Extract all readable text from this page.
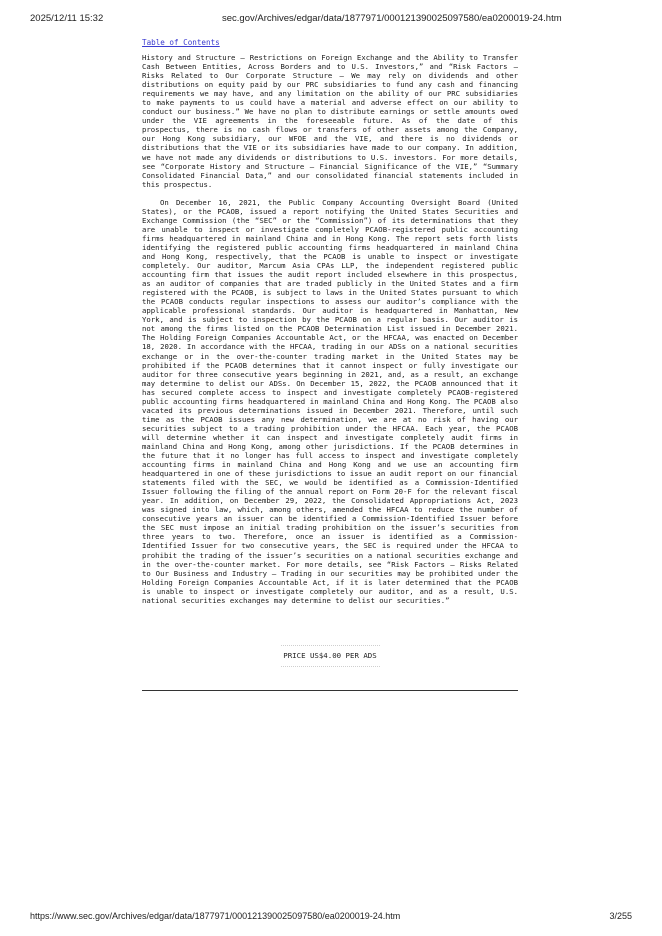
2025/12/11 15:32	sec.gov/Archives/edgar/data/1877971/000121390025097580/ea0200019-24.htm
Table of Contents

History and Structure — Restrictions on Foreign Exchange and the Ability to Transfer Cash Between Entities, Across Borders and to U.S. Investors,” and “Risk Factors — Risks Related to Our Corporate Structure — We may rely on dividends and other distributions on equity paid by our PRC subsidiaries to fund any cash and financing requirements we may have, and any limitation on the ability of our PRC subsidiaries to make payments to us could have a material and adverse effect on our ability to conduct our business.” We have no plan to distribute earnings or settle amounts owed under the VIE agreements in the foreseeable future. As of the date of this prospectus, there is no cash flows or transfers of other assets among the Company, our Hong Kong subsidiary, our WFOE and the VIE, and there is no dividends or distributions that the VIE or its subsidiaries have made to our company. In addition, we have not made any dividends or distributions to U.S. investors. For more details, see “Corporate History and Structure — Financial Significance of the VIE,” “Summary Consolidated Financial Data,” and our consolidated financial statements included in this prospectus.

On December 16, 2021, the Public Company Accounting Oversight Board (United States), or the PCAOB, issued a report notifying the United States Securities and Exchange Commission (the “SEC” or the “Commission”) of its determinations that they are unable to inspect or investigate completely PCAOB-registered public accounting firms headquartered in mainland China and in Hong Kong. The report sets forth lists identifying the registered public accounting firms headquartered in mainland China and Hong Kong, respectively, that the PCAOB is unable to inspect or investigate completely. Our auditor, Marcum Asia CPAs LLP, the independent registered public accounting firm that issues the audit report included elsewhere in this prospectus, as an auditor of companies that are traded publicly in the United States and a firm registered with the PCAOB, is subject to laws in the United States pursuant to which the PCAOB conducts regular inspections to assess our auditor’s compliance with the applicable professional standards. Our auditor is headquartered in Manhattan, New York, and is subject to inspection by the PCAOB on a regular basis. Our auditor is not among the firms listed on the PCAOB Determination List issued in December 2021. The Holding Foreign Companies Accountable Act, or the HFCAA, was enacted on December 18, 2020. In accordance with the HFCAA, trading in our ADSs on a national securities exchange or in the over-the-counter trading market in the United States may be prohibited if the PCAOB determines that it cannot inspect or fully investigate our auditor for three consecutive years beginning in 2021, and, as a result, an exchange may determine to delist our ADSs. On December 15, 2022, the PCAOB announced that it has secured complete access to inspect and investigate completely PCAOB-registered public accounting firms headquartered in mainland China and Hong Kong. The PCAOB also vacated its previous determinations issued in December 2021. Therefore, until such time as the PCAOB issues any new determination, we are at no risk of having our securities subject to a trading prohibition under the HFCAA. Each year, the PCAOB will determine whether it can inspect and investigate completely audit firms in mainland China and Hong Kong, among other jurisdictions. If the PCAOB determines in the future that it no longer has full access to inspect and investigate completely accounting firms in mainland China and Hong Kong and we use an accounting firm headquartered in one of these jurisdictions to issue an audit report on our financial statements filed with the SEC, we would be identified as a Commission-Identified Issuer following the filing of the annual report on Form 20-F for the relevant fiscal year. In addition, on December 29, 2022, the Consolidated Appropriations Act, 2023 was signed into law, which, among others, amended the HFCAA to reduce the number of consecutive years an issuer can be identified a Commission-Identified Issuer before the SEC must impose an initial trading prohibition on the issuer’s securities from three years to two. Therefore, once an issuer is identified as a Commission-Identified Issuer for two consecutive years, the SEC is required under the HFCAA to prohibit the trading of the issuer’s securities on a national securities exchange and in the over-the-counter market. For more details, see “Risk Factors — Risks Related to Our Business and Industry — Trading in our securities may be prohibited under the Holding Foreign Companies Accountable Act, if it is later determined that the PCAOB is unable to inspect or investigate completely our auditor, and as a result, U.S. national securities exchanges may determine to delist our securities.”

PRICE US$4.00 PER ADS
https://www.sec.gov/Archives/edgar/data/1877971/000121390025097580/ea0200019-24.htm	3/255
